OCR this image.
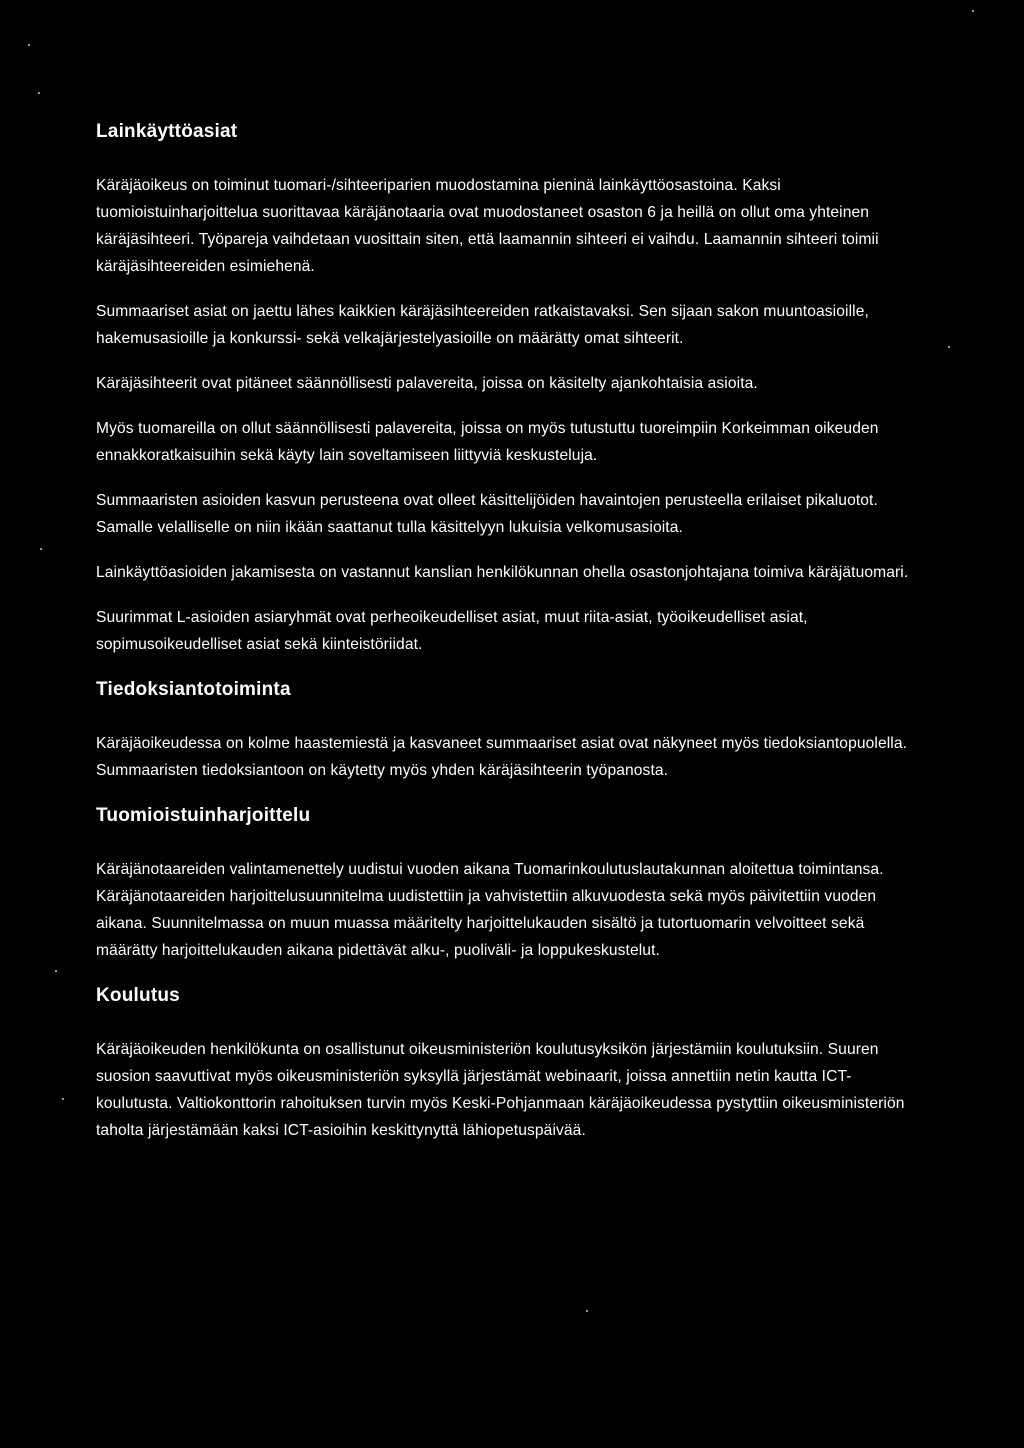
Lainkäyttöasiat

Käräjäoikeus on toiminut tuomari-/sihteeriparien muodostamina pieninä lainkäyttöosastoina. Kaksi tuomioistuinharjoittelua suorittavaa käräjänotaaria ovat muodostaneet osaston 6 ja heillä on ollut oma yhteinen käräjäsihteeri. Työpareja vaihdetaan vuosittain siten, että laamannin sihteeri ei vaihdu. Laamannin sihteeri toimii käräjäsihteereiden esimiehenä.

Summaariset asiat on jaettu lähes kaikkien käräjäsihteereiden ratkaistavaksi. Sen sijaan sakon muuntoasioille, hakemusasioille ja konkurssi- sekä velkajärjestelyasioille on määrätty omat sihteerit.

Käräjäsihteerit ovat pitäneet säännöllisesti palavereita, joissa on käsitelty ajankohtaisia asioita.

Myös tuomareilla on ollut säännöllisesti palavereita, joissa on myös tutustuttu tuoreimpiin Korkeimman oikeuden ennakkoratkaisuihin sekä käyty lain soveltamiseen liittyviä keskusteluja.

Summaaristen asioiden kasvun perusteena ovat olleet käsittelijöiden havaintojen perusteella erilaiset pikaluotot. Samalle velalliselle on niin ikään saattanut tulla käsittelyyn lukuisia velkomusasioita.

Lainkäyttöasioiden jakamisesta on vastannut kanslian henkilökunnan ohella osastonjohtajana toimiva käräjätuomari.

Suurimmat L-asioiden asiaryhmät ovat perheoikeudelliset asiat, muut riita-asiat, työoikeudelliset asiat, sopimusoikeudelliset asiat sekä kiinteistöriidat.

Tiedoksiantotoiminta

Käräjäoikeudessa on kolme haastemiestä ja kasvaneet summaariset asiat ovat näkyneet myös tiedoksiantopuolella. Summaaristen tiedoksiantoon on käytetty myös yhden käräjäsihteerin työpanosta.

Tuomioistuinharjoittelu

Käräjänotaareiden valintamenettely uudistui vuoden aikana Tuomarinkoulutuslautakunnan aloitettua toimintansa. Käräjänotaareiden harjoittelusuunnitelma uudistettiin ja vahvistettiin alkuvuodesta sekä myös päivitettiin vuoden aikana. Suunnitelmassa on muun muassa määritelty harjoittelukauden sisältö ja tutortuomarin velvoitteet sekä määrätty harjoittelukauden aikana pidettävät alku-, puoliväli- ja loppukeskustelut.

Koulutus

Käräjäoikeuden henkilökunta on osallistunut oikeusministeriön koulutusyksikön järjestämiin koulutuksiin. Suuren suosion saavuttivat myös oikeusministeriön syksyllä järjestämät webinaarit, joissa annettiin netin kautta ICT-koulutusta. Valtiokonttorin rahoituksen turvin myös Keski-Pohjanmaan käräjäoikeudessa pystyttiin oikeusministeriön taholta järjestämään kaksi ICT-asioihin keskittynyttä lähiopetuspäivää.
